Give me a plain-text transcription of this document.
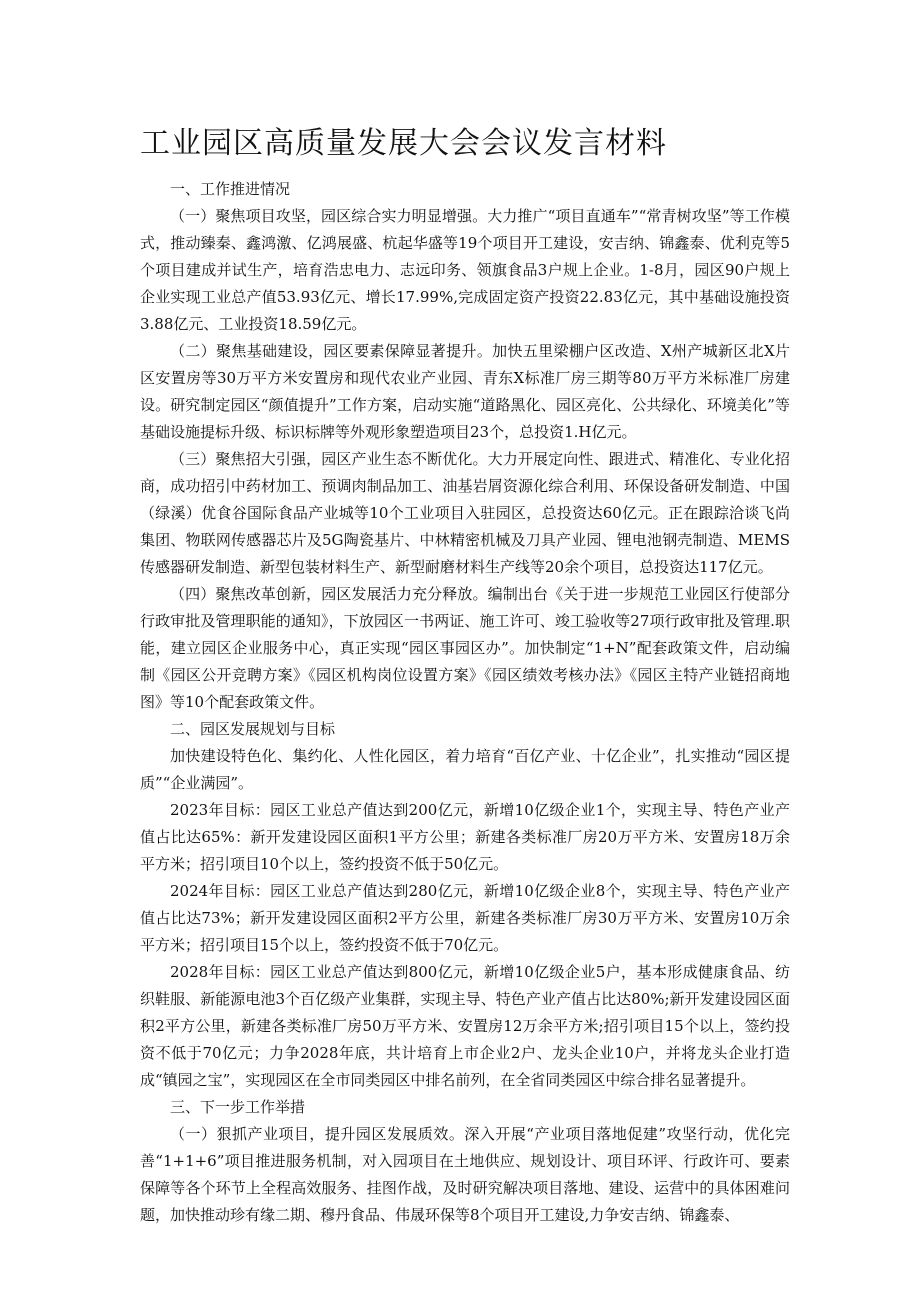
工业园区高质量发展大会会议发言材料

一、工作推进情况

（一）聚焦项目攻坚，园区综合实力明显增强。大力推广“项目直通车”“常青树攻坚”等工作模式，推动臻秦、鑫鸿激、亿鸿展盛、杭起华盛等19个项目开工建设，安吉纳、锦鑫泰、优利克等5个项目建成并试生产，培育浩忠电力、志远印务、领旗食品3户规上企业。1-8月，园区90户规上企业实现工业总产值53.93亿元、增长17.99%,完成固定资产投资22.83亿元，其中基础设施投资3.88亿元、工业投资18.59亿元。

（二）聚焦基础建设，园区要素保障显著提升。加快五里梁棚户区改造、X州产城新区北X片区安置房等30万平方米安置房和现代农业产业园、青东X标准厂房三期等80万平方米标准厂房建设。研究制定园区“颜值提升”工作方案，启动实施“道路黑化、园区亮化、公共绿化、环境美化”等基础设施提标升级、标识标牌等外观形象塑造项目23个，总投资1.H亿元。

（三）聚焦招大引强，园区产业生态不断优化。大力开展定向性、跟进式、精准化、专业化招商，成功招引中药材加工、预调肉制品加工、油基岩屑资源化综合利用、环保设备研发制造、中国（绿溪）优食谷国际食品产业城等10个工业项目入驻园区，总投资达60亿元。正在跟踪洽谈飞尚集团、物联网传感器芯片及5G陶瓷基片、中林精密机械及刀具产业园、锂电池钢壳制造、MEMS传感器研发制造、新型包装材料生产、新型耐磨材料生产线等20余个项目，总投资达117亿元。

（四）聚焦改革创新，园区发展活力充分释放。编制出台《关于进一步规范工业园区行使部分行政审批及管理职能的通知》，下放园区一书两证、施工许可、竣工验收等27项行政审批及管理.职能，建立园区企业服务中心，真正实现“园区事园区办”。加快制定“1+N”配套政策文件，启动编制《园区公开竞聘方案》《园区机构岗位设置方案》《园区绩效考核办法》《园区主特产业链招商地图》等10个配套政策文件。

二、园区发展规划与目标

加快建设特色化、集约化、人性化园区，着力培育“百亿产业、十亿企业”，扎实推动“园区提质”“企业满园”。

2023年目标：园区工业总产值达到200亿元，新增10亿级企业1个，实现主导、特色产业产值占比达65%：新开发建设园区面积1平方公里；新建各类标准厂房20万平方米、安置房18万余平方米；招引项目10个以上，签约投资不低于50亿元。

2024年目标：园区工业总产值达到280亿元，新增10亿级企业8个，实现主导、特色产业产值占比达73%；新开发建设园区面积2平方公里，新建各类标准厂房30万平方米、安置房10万余平方米；招引项目15个以上，签约投资不低于70亿元。

2028年目标：园区工业总产值达到800亿元，新增10亿级企业5户，基本形成健康食品、纺织鞋服、新能源电池3个百亿级产业集群，实现主导、特色产业产值占比达80%;新开发建设园区面积2平方公里，新建各类标准厂房50万平方米、安置房12万余平方米;招引项目15个以上，签约投资不低于70亿元；力争2028年底，共计培育上市企业2户、龙头企业10户，并将龙头企业打造成“镇园之宝”，实现园区在全市同类园区中排名前列，在全省同类园区中综合排名显著提升。

三、下一步工作举措

（一）狠抓产业项目，提升园区发展质效。深入开展“产业项目落地促建”攻坚行动，优化完善“1+1+6”项目推进服务机制，对入园项目在土地供应、规划设计、项目环评、行政许可、要素保障等各个环节上全程高效服务、挂图作战，及时研究解决项目落地、建设、运营中的具体困难问题，加快推动珍有缘二期、穆丹食品、伟晟环保等8个项目开工建设,力争安吉纳、锦鑫泰、
